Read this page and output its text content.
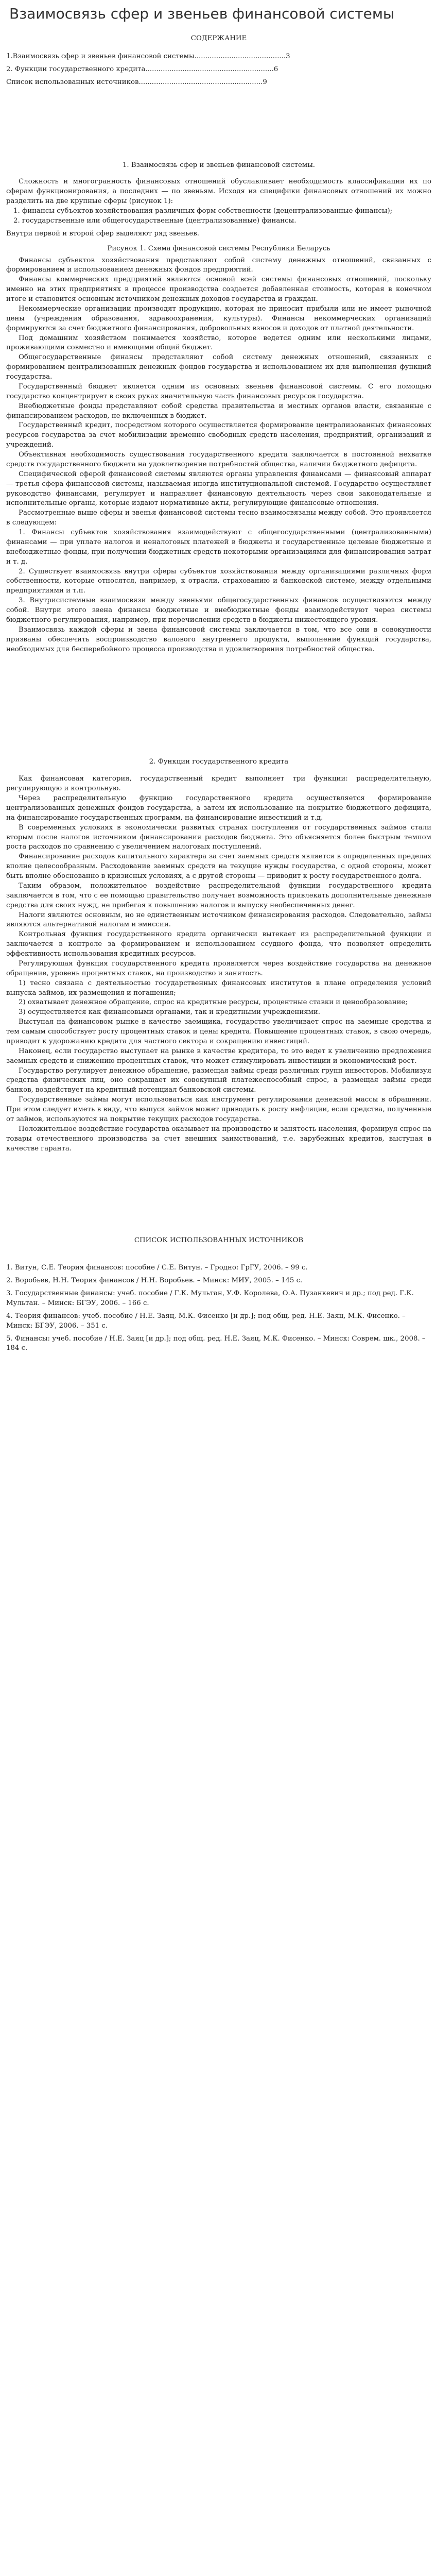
Взаимосвязь сфер и звеньев финансовой системы

СОДЕРЖАНИЕ

1.Взаимосвязь сфер и звеньев финансовой системы..........................................3

2. Функции государственного кредита...........................................................6

Список использованных источников.........................................................9

1. Взаимосвязь сфер и звеньев финансовой системы.

Сложность и многогранность финансовых отношений обуславливает необходимость классификации их по сферам функционирования, а последних — по звеньям. Исходя из специфики финансовых отношений их можно разделить на две крупные сферы (рисунок 1):

1. финансы субъектов хозяйствования различных форм собственности (децентрализованные финансы);

2. государственные или общегосударственные (централизованные) финансы.

Внутри первой и второй сфер выделяют ряд звеньев.

Рисунок 1. Схема финансовой системы Республики Беларусь

Финансы субъектов хозяйствования представляют собой систему денежных отношений, связанных с формированием и использованием денежных фондов предприятий.

Финансы коммерческих предприятий являются основой всей системы финансовых отношений, поскольку именно на этих предприятиях в процессе производства создается добавленная стоимость, которая в конечном итоге и становится основным источником денежных доходов государства и граждан.

Некоммерческие организации производят продукцию, которая не приносит прибыли или не имеет рыночной цены (учреждения образования, здравоохранения, культуры). Финансы некоммерческих организаций формируются за счет бюджетного финансирования, добровольных взносов и доходов от платной деятельности.

Под домашним хозяйством понимается хозяйство, которое ведется одним или несколькими лицами, проживающими совместно и имеющими общий бюджет.

Общегосударственные финансы представляют собой систему денежных отношений, связанных с формированием централизованных денежных фондов государства и использованием их для выполнения функций государства.

Государственный бюджет является одним из основных звеньев финансовой системы. С его помощью государство концентрирует в своих руках значительную часть финансовых ресурсов государства.

Внебюджетные фонды представляют собой средства правительства и местных органов власти, связанные с финансированием расходов, не включенных в бюджет.

Государственный кредит, посредством которого осуществляется формирование централизованных финансовых ресурсов государства за счет мобилизации временно свободных средств населения, предприятий, организаций и учреждений.

Объективная необходимость существования государственного кредита заключается в постоянной нехватке средств государственного бюджета на удовлетворение потребностей общества, наличии бюджетного дефицита.

Специфической сферой финансовой системы являются органы управления финансами — финансовый аппарат — третья сфера финансовой системы, называемая иногда институциональной системой. Государство осуществляет руководство финансами, регулирует и направляет финансовую деятельность через свои законодательные и исполнительные органы, которые издают нормативные акты, регулирующие финансовые отношения.

Рассмотренные выше сферы и звенья финансовой системы тесно взаимосвязаны между собой. Это проявляется в следующем:

1. Финансы субъектов хозяйствования взаимодействуют с общегосударственными (централизованными) финансами — при уплате налогов и неналоговых платежей в бюджеты и государственные целевые бюджетные и внебюджетные фонды, при получении бюджетных средств некоторыми организациями для финансирования затрат и т. д.

2. Существует взаимосвязь внутри сферы субъектов хозяйствования между организациями различных форм собственности, которые относятся, например, к отрасли, страхованию и банковской системе, между отдельными предприятиями и т.п.

3. Внутрисистемные взаимосвязи между звеньями общегосударственных финансов осуществляются между собой. Внутри этого звена финансы бюджетные и внебюджетные фонды взаимодействуют через системы бюджетного регулирования, например, при перечислении средств в бюджеты нижестоящего уровня.

Взаимосвязь каждой сферы и звена финансовой системы заключается в том, что все они в совокупности призваны обеспечить воспроизводство валового внутреннего продукта, выполнение функций государства, необходимых для бесперебойного процесса производства и удовлетворения потребностей общества.

2. Функции государственного кредита

Как финансовая категория, государственный кредит выполняет три функции: распределительную, регулирующую и контрольную.

Через распределительную функцию государственного кредита осуществляется формирование централизованных денежных фондов государства, а затем их использование на покрытие бюджетного дефицита, на финансирование государственных программ, на финансирование инвестиций и т.д.

В современных условиях в экономически развитых странах поступления от государственных займов стали вторым после налогов источником финансирования расходов бюджета. Это объясняется более быстрым темпом роста расходов по сравнению с увеличением налоговых поступлений.

Финансирование расходов капитального характера за счет заемных средств является в определенных пределах вполне целесообразным. Расходование заемных средств на текущие нужды государства, с одной стороны, может быть вполне обоснованно в кризисных условиях, а с другой стороны — приводит к росту государственного долга.

Таким образом, положительное воздействие распределительной функции государственного кредита заключается в том, что с ее помощью правительство получает возможность привлекать дополнительные денежные средства для своих нужд, не прибегая к повышению налогов и выпуску необеспеченных денег.

Налоги являются основным, но не единственным источником финансирования расходов. Следовательно, займы являются альтернативой налогам и эмиссии.

Контрольная функция государственного кредита органически вытекает из распределительной функции и заключается в контроле за формированием и использованием ссудного фонда, что позволяет определить эффективность использования кредитных ресурсов.

Регулирующая функция государственного кредита проявляется через воздействие государства на денежное обращение, уровень процентных ставок, на производство и занятость.

1) тесно связана с деятельностью государственных финансовых институтов в плане определения условий выпуска займов, их размещения и погашения;

2) охватывает денежное обращение, спрос на кредитные ресурсы, процентные ставки и ценообразование;

3) осуществляется как финансовыми органами, так и кредитными учреждениями.

Выступая на финансовом рынке в качестве заемщика, государство увеличивает спрос на заемные средства и тем самым способствует росту процентных ставок и цены кредита. Повышение процентных ставок, в свою очередь, приводит к удорожанию кредита для частного сектора и сокращению инвестиций.

Наконец, если государство выступает на рынке в качестве кредитора, то это ведет к увеличению предложения заемных средств и снижению процентных ставок, что может стимулировать инвестиции и экономический рост.

Государство регулирует денежное обращение, размещая займы среди различных групп инвесторов. Мобилизуя средства физических лиц, оно сокращает их совокупный платежеспособный спрос, а размещая займы среди банков, воздействует на кредитный потенциал банковской системы.

Государственные займы могут использоваться как инструмент регулирования денежной массы в обращении. При этом следует иметь в виду, что выпуск займов может приводить к росту инфляции, если средства, полученные от займов, используются на покрытие текущих расходов государства.

Положительное воздействие государства оказывает на производство и занятость населения, формируя спрос на товары отечественного производства за счет внешних заимствований, т.е. зарубежных кредитов, выступая в качестве гаранта.

СПИСОК ИСПОЛЬЗОВАННЫХ ИСТОЧНИКОВ

1. Витун, С.Е. Теория финансов: пособие / С.Е. Витун. – Гродно: ГрГУ, 2006. – 99 с.

2. Воробьев, Н.Н. Теория финансов / Н.Н. Воробьев. – Минск: МИУ, 2005. – 145 с.

3. Государственные финансы: учеб. пособие / Г.К. Мультан, У.Ф. Королева, О.А. Пузанкевич и др.; под ред. Г.К. Мультан. – Минск: БГЭУ, 2006. – 166 с.

4. Теория финансов: учеб. пособие / Н.Е. Заяц, М.К. Фисенко [и др.]; под общ. ред. Н.Е. Заяц, М.К. Фисенко. – Минск: БГЭУ, 2006. – 351 с.

5. Финансы: учеб. пособие / Н.Е. Заяц [и др.]; под общ. ред. Н.Е. Заяц, М.К. Фисенко. – Минск: Соврем. шк., 2008. – 184 с.
